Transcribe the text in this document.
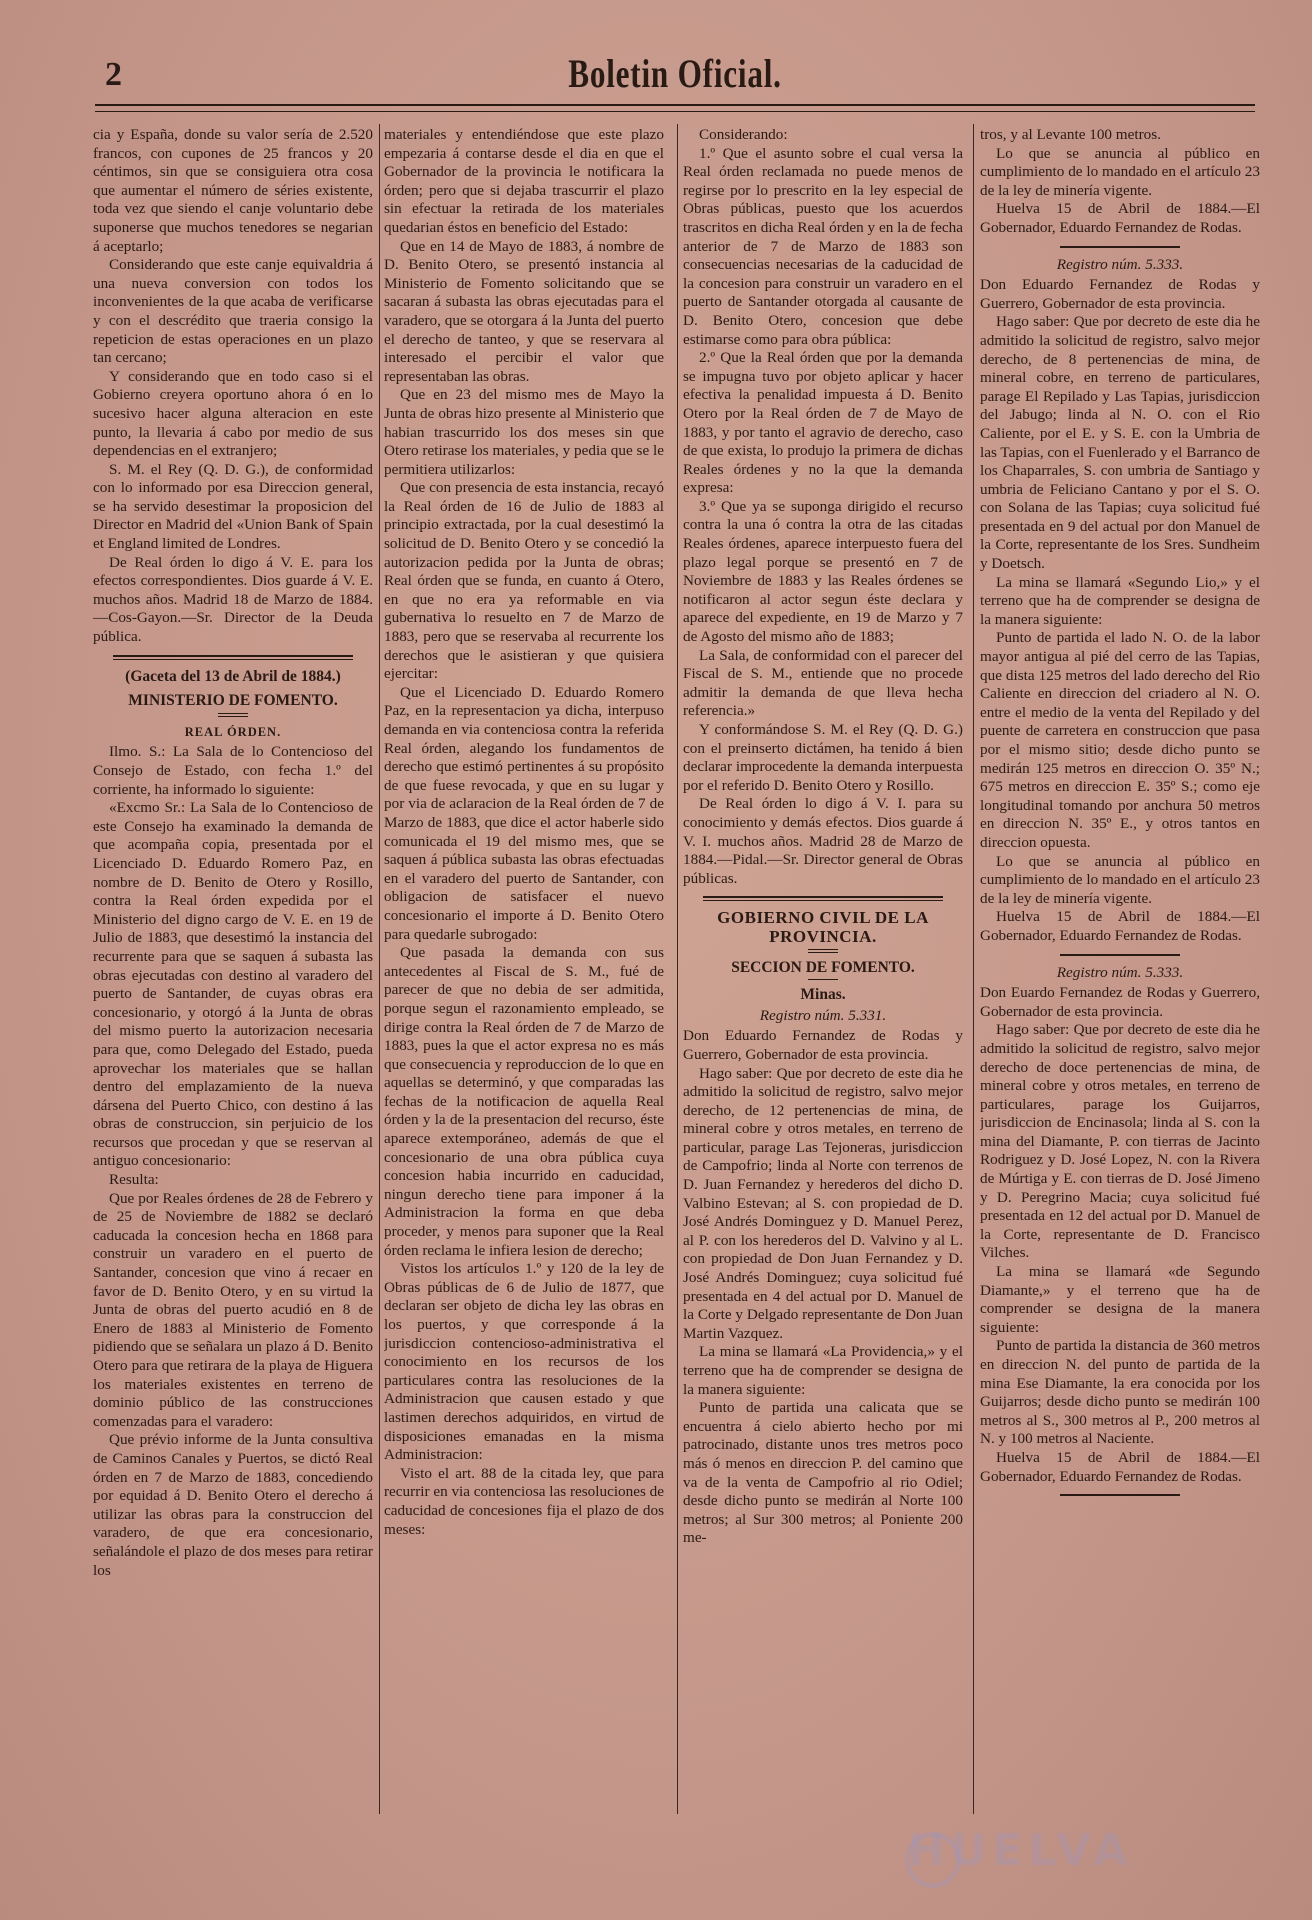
2	Boletin Oficial.

cia y España, donde su valor sería de 2.520 francos, con cupones de 25 francos y 20 céntimos, sin que se consiguiera otra cosa que aumentar el número de séries existente, toda vez que siendo el canje voluntario debe suponerse que muchos tenedores se negarian á aceptarlo;

Considerando que este canje equivaldria á una nueva conversion con todos los inconvenientes de la que acaba de verificarse y con el descrédito que traeria consigo la repeticion de estas operaciones en un plazo tan cercano;

Y considerando que en todo caso si el Gobierno creyera oportuno ahora ó en lo sucesivo hacer alguna alteracion en este punto, la llevaria á cabo por medio de sus dependencias en el extranjero;

S. M. el Rey (Q. D. G.), de conformidad con lo informado por esa Direccion general, se ha servido desestimar la proposicion del Director en Madrid del «Union Bank of Spain et England limited de Londres.

De Real órden lo digo á V. E. para los efectos correspondientes. Dios guarde á V. E. muchos años. Madrid 18 de Marzo de 1884.—Cos-Gayon.—Sr. Director de la Deuda pública.

(Gaceta del 13 de Abril de 1884.)

MINISTERIO DE FOMENTO.

REAL ÓRDEN.

Ilmo. S.: La Sala de lo Contencioso del Consejo de Estado, con fecha 1.º del corriente, ha informado lo siguiente:

«Excmo Sr.: La Sala de lo Contencioso de este Consejo ha examinado la demanda de que acompaña copia, presentada por el Licenciado D. Eduardo Romero Paz, en nombre de D. Benito de Otero y Rosillo, contra la Real órden expedida por el Ministerio del digno cargo de V. E. en 19 de Julio de 1883, que desestimó la instancia del recurrente para que se saquen á subasta las obras ejecutadas con destino al varadero del puerto de Santander, de cuyas obras era concesionario, y otorgó á la Junta de obras del mismo puerto la autorizacion necesaria para que, como Delegado del Estado, pueda aprovechar los materiales que se hallan dentro del emplazamiento de la nueva dársena del Puerto Chico, con destino á las obras de construccion, sin perjuicio de los recursos que procedan y que se reservan al antiguo concesionario:

Resulta:

Que por Reales órdenes de 28 de Febrero y de 25 de Noviembre de 1882 se declaró caducada la concesion hecha en 1868 para construir un varadero en el puerto de Santander, concesion que vino á recaer en favor de D. Benito Otero, y en su virtud la Junta de obras del puerto acudió en 8 de Enero de 1883 al Ministerio de Fomento pidiendo que se señalara un plazo á D. Benito Otero para que retirara de la playa de Higuera los materiales existentes en terreno de dominio público de las construcciones comenzadas para el varadero:

Que prévio informe de la Junta consultiva de Caminos Canales y Puertos, se dictó Real órden en 7 de Marzo de 1883, concediendo por equidad á D. Benito Otero el derecho á utilizar las obras para la construccion del varadero, de que era concesionario, señalándole el plazo de dos meses para retirar los

materiales y entendiéndose que este plazo empezaria á contarse desde el dia en que el Gobernador de la provincia le notificara la órden; pero que si dejaba trascurrir el plazo sin efectuar la retirada de los materiales quedarian éstos en beneficio del Estado:

Que en 14 de Mayo de 1883, á nombre de D. Benito Otero, se presentó instancia al Ministerio de Fomento solicitando que se sacaran á subasta las obras ejecutadas para el varadero, que se otorgara á la Junta del puerto el derecho de tanteo, y que se reservara al interesado el percibir el valor que representaban las obras.

Que en 23 del mismo mes de Mayo la Junta de obras hizo presente al Ministerio que habian trascurrido los dos meses sin que Otero retirase los materiales, y pedia que se le permitiera utilizarlos:

Que con presencia de esta instancia, recayó la Real órden de 16 de Julio de 1883 al principio extractada, por la cual desestimó la solicitud de D. Benito Otero y se concedió la autorizacion pedida por la Junta de obras; Real órden que se funda, en cuanto á Otero, en que no era ya reformable en via gubernativa lo resuelto en 7 de Marzo de 1883, pero que se reservaba al recurrente los derechos que le asistieran y que quisiera ejercitar:

Que el Licenciado D. Eduardo Romero Paz, en la representacion ya dicha, interpuso demanda en via contenciosa contra la referida Real órden, alegando los fundamentos de derecho que estimó pertinentes á su propósito de que fuese revocada, y que en su lugar y por via de aclaracion de la Real órden de 7 de Marzo de 1883, que dice el actor haberle sido comunicada el 19 del mismo mes, que se saquen á pública subasta las obras efectuadas en el varadero del puerto de Santander, con obligacion de satisfacer el nuevo concesionario el importe á D. Benito Otero para quedarle subrogado:

Que pasada la demanda con sus antecedentes al Fiscal de S. M., fué de parecer de que no debia de ser admitida, porque segun el razonamiento empleado, se dirige contra la Real órden de 7 de Marzo de 1883, pues la que el actor expresa no es más que consecuencia y reproduccion de lo que en aquellas se determinó, y que comparadas las fechas de la notificacion de aquella Real órden y la de la presentacion del recurso, éste aparece extemporáneo, además de que el concesionario de una obra pública cuya concesion habia incurrido en caducidad, ningun derecho tiene para imponer á la Administracion la forma en que deba proceder, y menos para suponer que la Real órden reclama le infiera lesion de derecho;

Vistos los artículos 1.º y 120 de la ley de Obras públicas de 6 de Julio de 1877, que declaran ser objeto de dicha ley las obras en los puertos, y que corresponde á la jurisdiccion contencioso-administrativa el conocimiento en los recursos de los particulares contra las resoluciones de la Administracion que causen estado y que lastimen derechos adquiridos, en virtud de disposiciones emanadas en la misma Administracion:

Visto el art. 88 de la citada ley, que para recurrir en via contenciosa las resoluciones de caducidad de concesiones fija el plazo de dos meses:

Considerando:

1.º Que el asunto sobre el cual versa la Real órden reclamada no puede menos de regirse por lo prescrito en la ley especial de Obras públicas, puesto que los acuerdos trascritos en dicha Real órden y en la de fecha anterior de 7 de Marzo de 1883 son consecuencias necesarias de la caducidad de la concesion para construir un varadero en el puerto de Santander otorgada al causante de D. Benito Otero, concesion que debe estimarse como para obra pública:

2.º Que la Real órden que por la demanda se impugna tuvo por objeto aplicar y hacer efectiva la penalidad impuesta á D. Benito Otero por la Real órden de 7 de Mayo de 1883, y por tanto el agravio de derecho, caso de que exista, lo produjo la primera de dichas Reales órdenes y no la que la demanda expresa:

3.º Que ya se suponga dirigido el recurso contra la una ó contra la otra de las citadas Reales órdenes, aparece interpuesto fuera del plazo legal porque se presentó en 7 de Noviembre de 1883 y las Reales órdenes se notificaron al actor segun éste declara y aparece del expediente, en 19 de Marzo y 7 de Agosto del mismo año de 1883;

La Sala, de conformidad con el parecer del Fiscal de S. M., entiende que no procede admitir la demanda de que lleva hecha referencia.»

Y conformándose S. M. el Rey (Q. D. G.) con el preinserto dictámen, ha tenido á bien declarar improcedente la demanda interpuesta por el referido D. Benito Otero y Rosillo.

De Real órden lo digo á V. I. para su conocimiento y demás efectos. Dios guarde á V. I. muchos años. Madrid 28 de Marzo de 1884.—Pidal.—Sr. Director general de Obras públicas.

GOBIERNO CIVIL DE LA PROVINCIA.

SECCION DE FOMENTO.

Minas.

Registro núm. 5.331.

Don Eduardo Fernandez de Rodas y Guerrero, Gobernador de esta provincia.

Hago saber: Que por decreto de este dia he admitido la solicitud de registro, salvo mejor derecho, de 12 pertenencias de mina, de mineral cobre y otros metales, en terreno de particular, parage Las Tejoneras, jurisdiccion de Campofrio; linda al Norte con terrenos de D. Juan Fernandez y herederos del dicho D. Valbino Estevan; al S. con propiedad de D. José Andrés Dominguez y D. Manuel Perez, al P. con los herederos del D. Valvino y al L. con propiedad de Don Juan Fernandez y D. José Andrés Dominguez; cuya solicitud fué presentada en 4 del actual por D. Manuel de la Corte y Delgado representante de Don Juan Martin Vazquez.

La mina se llamará «La Providencia,» y el terreno que ha de comprender se designa de la manera siguiente:

Punto de partida una calicata que se encuentra á cielo abierto hecho por mi patrocinado, distante unos tres metros poco más ó menos en direccion P. del camino que va de la venta de Campofrio al rio Odiel; desde dicho punto se medirán al Norte 100 metros; al Sur 300 metros; al Poniente 200 me-

tros, y al Levante 100 metros.

Lo que se anuncia al público en cumplimiento de lo mandado en el artículo 23 de la ley de minería vigente.

Huelva 15 de Abril de 1884.—El Gobernador, Eduardo Fernandez de Rodas.

Registro núm. 5.333.

Don Eduardo Fernandez de Rodas y Guerrero, Gobernador de esta provincia.

Hago saber: Que por decreto de este dia he admitido la solicitud de registro, salvo mejor derecho, de 8 pertenencias de mina, de mineral cobre, en terreno de particulares, parage El Repilado y Las Tapias, jurisdiccion del Jabugo; linda al N. O. con el Rio Caliente, por el E. y S. E. con la Umbria de las Tapias, con el Fuenlerado y el Barranco de los Chaparrales, S. con umbria de Santiago y umbria de Feliciano Cantano y por el S. O. con Solana de las Tapias; cuya solicitud fué presentada en 9 del actual por don Manuel de la Corte, representante de los Sres. Sundheim y Doetsch.

La mina se llamará «Segundo Lio,» y el terreno que ha de comprender se designa de la manera siguiente:

Punto de partida el lado N. O. de la labor mayor antigua al pié del cerro de las Tapias, que dista 125 metros del lado derecho del Rio Caliente en direccion del criadero al N. O. entre el medio de la venta del Repilado y del puente de carretera en construccion que pasa por el mismo sitio; desde dicho punto se medirán 125 metros en direccion O. 35º N.; 675 metros en direccion E. 35º S.; como eje longitudinal tomando por anchura 50 metros en direccion N. 35º E., y otros tantos en direccion opuesta.

Lo que se anuncia al público en cumplimiento de lo mandado en el artículo 23 de la ley de minería vigente.

Huelva 15 de Abril de 1884.—El Gobernador, Eduardo Fernandez de Rodas.

Registro núm. 5.333.

Don Euardo Fernandez de Rodas y Guerrero, Gobernador de esta provincia.

Hago saber: Que por decreto de este dia he admitido la solicitud de registro, salvo mejor derecho de doce pertenencias de mina, de mineral cobre y otros metales, en terreno de particulares, parage los Guijarros, jurisdiccion de Encinasola; linda al S. con la mina del Diamante, P. con tierras de Jacinto Rodriguez y D. José Lopez, N. con la Rivera de Múrtiga y E. con tierras de D. José Jimeno y D. Peregrino Macia; cuya solicitud fué presentada en 12 del actual por D. Manuel de la Corte, representante de D. Francisco Vilches.

La mina se llamará «de Segundo Diamante,» y el terreno que ha de comprender se designa de la manera siguiente:

Punto de partida la distancia de 360 metros en direccion N. del punto de partida de la mina Ese Diamante, la era conocida por los Guijarros; desde dicho punto se medirán 100 metros al S., 300 metros al P., 200 metros al N. y 100 metros al Naciente.

Huelva 15 de Abril de 1884.—El Gobernador, Eduardo Fernandez de Rodas.

HUELVA
